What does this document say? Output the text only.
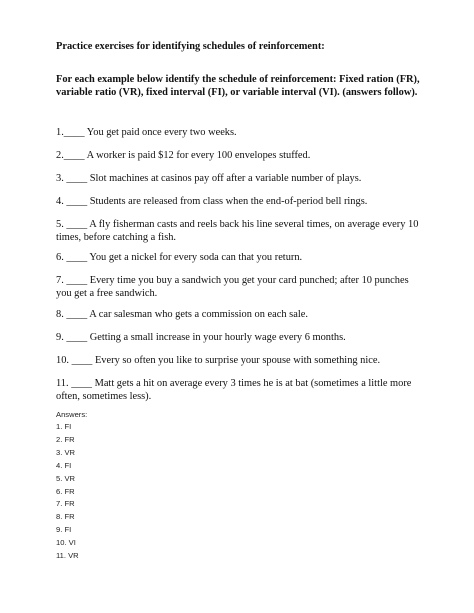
Practice exercises for identifying schedules of reinforcement:
For each example below identify the schedule of reinforcement: Fixed ration (FR), variable ratio (VR), fixed interval (FI), or variable interval (VI). (answers follow).
1.____ You get paid once every two weeks.
2.____ A worker is paid $12 for every 100 envelopes stuffed.
3. ____ Slot machines at casinos pay off after a variable number of plays.
4. ____ Students are released from class when the end-of-period bell rings.
5. ____ A fly fisherman casts and reels back his line several times, on average every 10 times, before catching a fish.
6. ____ You get a nickel for every soda can that you return.
7. ____ Every time you buy a sandwich you get your card punched; after 10 punches you get a free sandwich.
8. ____ A car salesman who gets a commission on each sale.
9. ____ Getting a small increase in your hourly wage every 6 months.
10. ____ Every so often you like to surprise your spouse with something nice.
11. ____ Matt gets a hit on average every 3 times he is at bat (sometimes a little more often, sometimes less).
Answers:
1. FI
2. FR
3. VR
4. FI
5. VR
6. FR
7. FR
8. FR
9. FI
10. VI
11. VR
